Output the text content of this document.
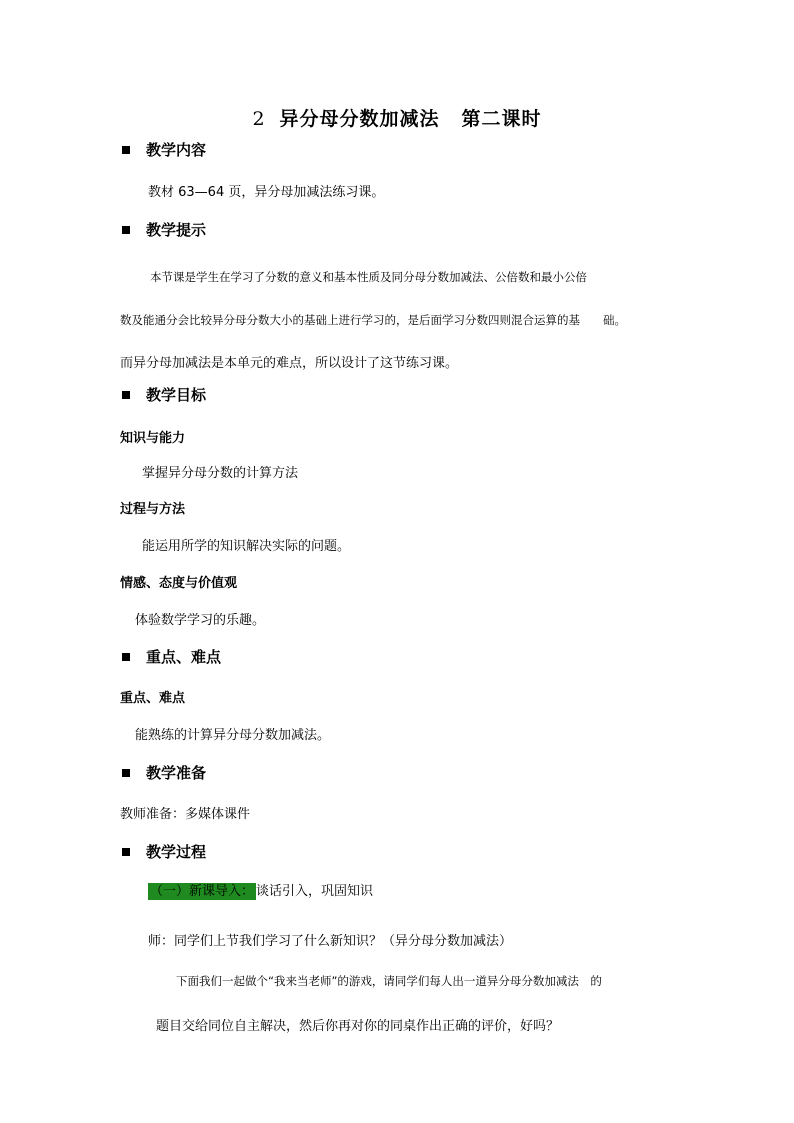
2 异分母分数加减法 第二课时
教学内容
教材 63—64 页，异分母加减法练习课。
教学提示
本节课是学生在学习了分数的意义和基本性质及同分母分数加减法、公倍数和最小公倍
数及能通分会比较异分母分数大小的基础上进行学习的，是后面学习分数四则混合运算的基　　础。
而异分母加减法是本单元的难点，所以设计了这节练习课。
教学目标
知识与能力
掌握异分母分数的计算方法
过程与方法
能运用所学的知识解决实际的问题。
情感、态度与价值观
体验数学学习的乐趣。
重点、难点
重点、难点
能熟练的计算异分母分数加减法。
教学准备
教师准备：多媒体课件
教学过程
（一）新课导入： 谈话引入，巩固知识
师：同学们上节我们学习了什么新知识？（异分母分数加减法）
下面我们一起做个“我来当老师”的游戏，请同学们每人出一道异分母分数加减法　的
题目交给同位自主解决，然后你再对你的同桌作出正确的评价，好吗？
